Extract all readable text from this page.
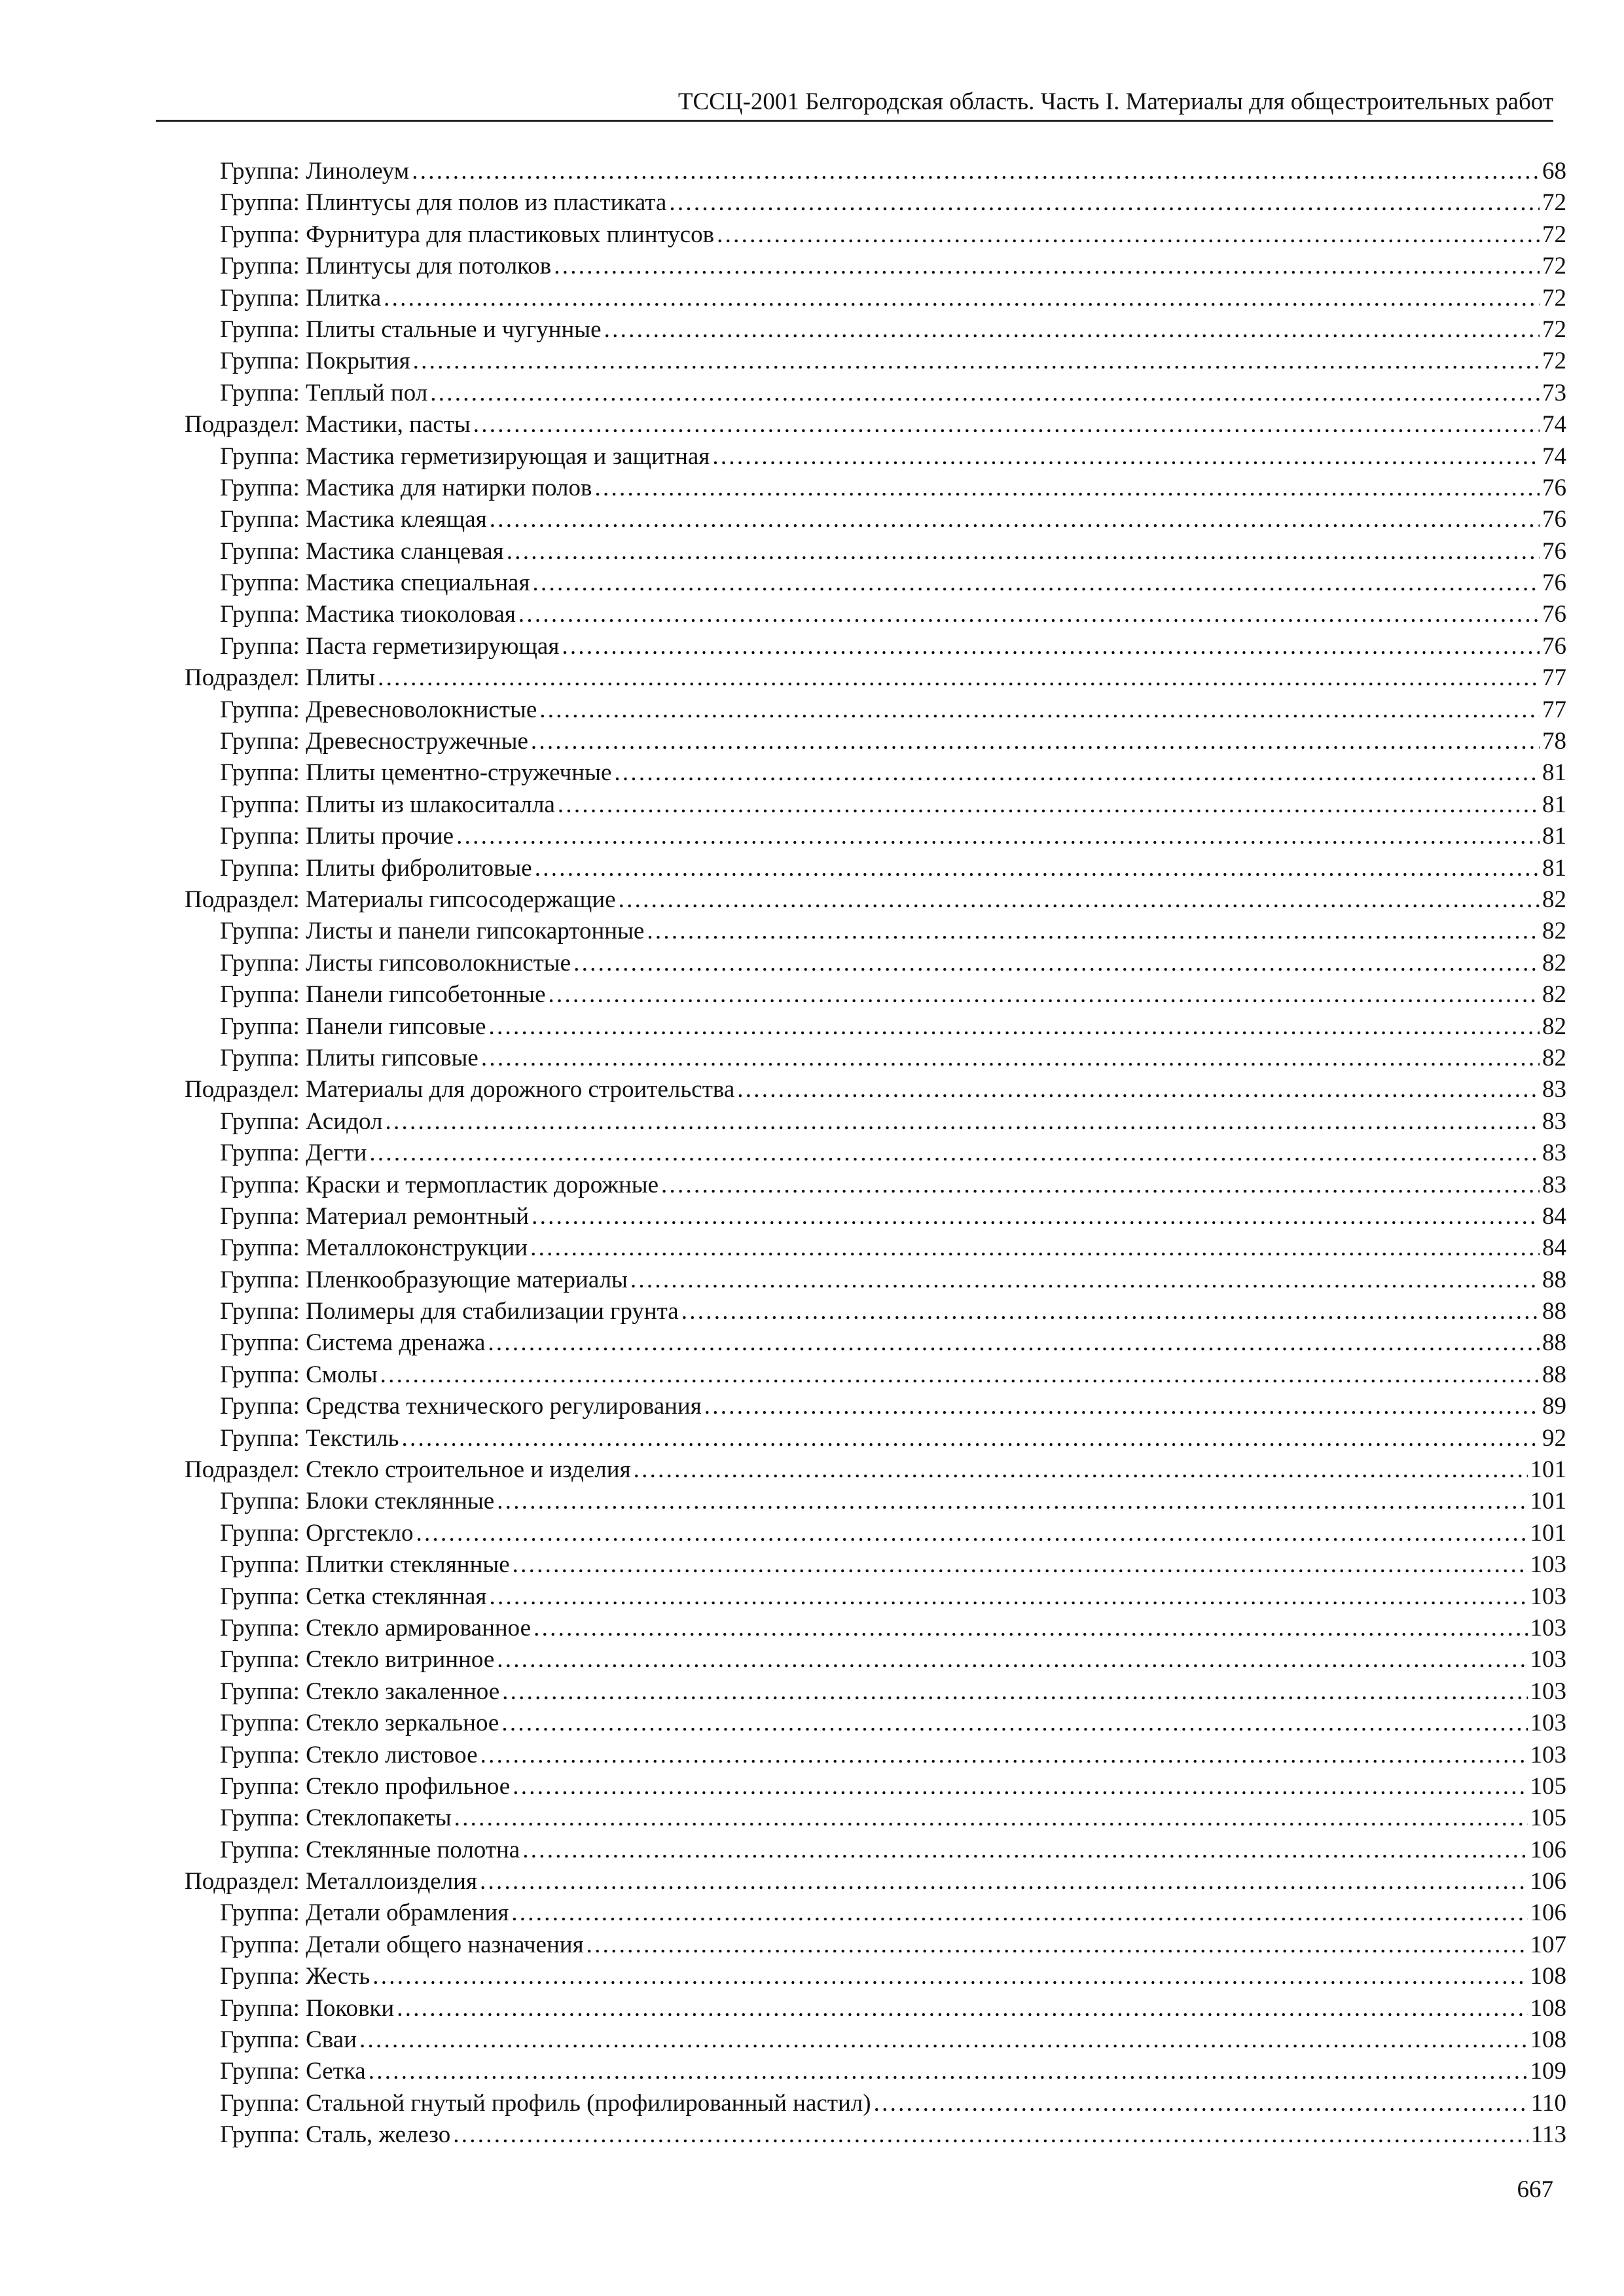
ТССЦ-2001 Белгородская область. Часть I. Материалы для общестроительных работ
Группа: Линолеум . . .	68
Группа: Плинтусы для полов из пластиката . . .	72
Группа: Фурнитура для пластиковых плинтусов . . .	72
Группа: Плинтусы для потолков . . .	72
Группа: Плитка . . .	72
Группа: Плиты стальные и чугунные . . .	72
Группа: Покрытия . . .	72
Группа: Теплый пол . . .	73
Подраздел: Мастики, пасты . . .	74
Группа: Мастика герметизирующая и защитная . . .	74
Группа: Мастика для натирки полов . . .	76
Группа: Мастика клеящая . . .	76
Группа: Мастика сланцевая . . .	76
Группа: Мастика специальная . . .	76
Группа: Мастика тиоколовая . . .	76
Группа: Паста герметизирующая . . .	76
Подраздел: Плиты . . .	77
Группа: Древесноволокнистые . . .	77
Группа: Древесностружечные . . .	78
Группа: Плиты цементно-стружечные . . .	81
Группа: Плиты из шлакоситалла . . .	81
Группа: Плиты прочие . . .	81
Группа: Плиты фибролитовые . . .	81
Подраздел: Материалы гипсосодержащие . . .	82
Группа: Листы и панели гипсокартонные . . .	82
Группа: Листы гипсоволокнистые . . .	82
Группа: Панели гипсобетонные . . .	82
Группа: Панели гипсовые . . .	82
Группа: Плиты гипсовые . . .	82
Подраздел: Материалы для дорожного строительства . . .	83
Группа: Асидол . . .	83
Группа: Дегти . . .	83
Группа: Краски и термопластик дорожные . . .	83
Группа: Материал ремонтный . . .	84
Группа: Металлоконструкции . . .	84
Группа: Пленкообразующие материалы . . .	88
Группа: Полимеры для стабилизации грунта . . .	88
Группа: Система дренажа . . .	88
Группа: Смолы . . .	88
Группа: Средства технического регулирования . . .	89
Группа: Текстиль . . .	92
Подраздел: Стекло строительное и изделия . . .	101
Группа: Блоки стеклянные . . .	101
Группа: Оргстекло . . .	101
Группа: Плитки стеклянные . . .	103
Группа: Сетка стеклянная . . .	103
Группа: Стекло армированное . . .	103
Группа: Стекло витринное . . .	103
Группа: Стекло закаленное . . .	103
Группа: Стекло зеркальное . . .	103
Группа: Стекло листовое . . .	103
Группа: Стекло профильное . . .	105
Группа: Стеклопакеты . . .	105
Группа: Стеклянные полотна . . .	106
Подраздел: Металлоизделия . . .	106
Группа: Детали обрамления . . .	106
Группа: Детали общего назначения . . .	107
Группа: Жесть . . .	108
Группа: Поковки . . .	108
Группа: Сваи . . .	108
Группа: Сетка . . .	109
Группа: Стальной гнутый профиль (профилированный настил) . . .	110
Группа: Сталь, железо . . .	113
667
